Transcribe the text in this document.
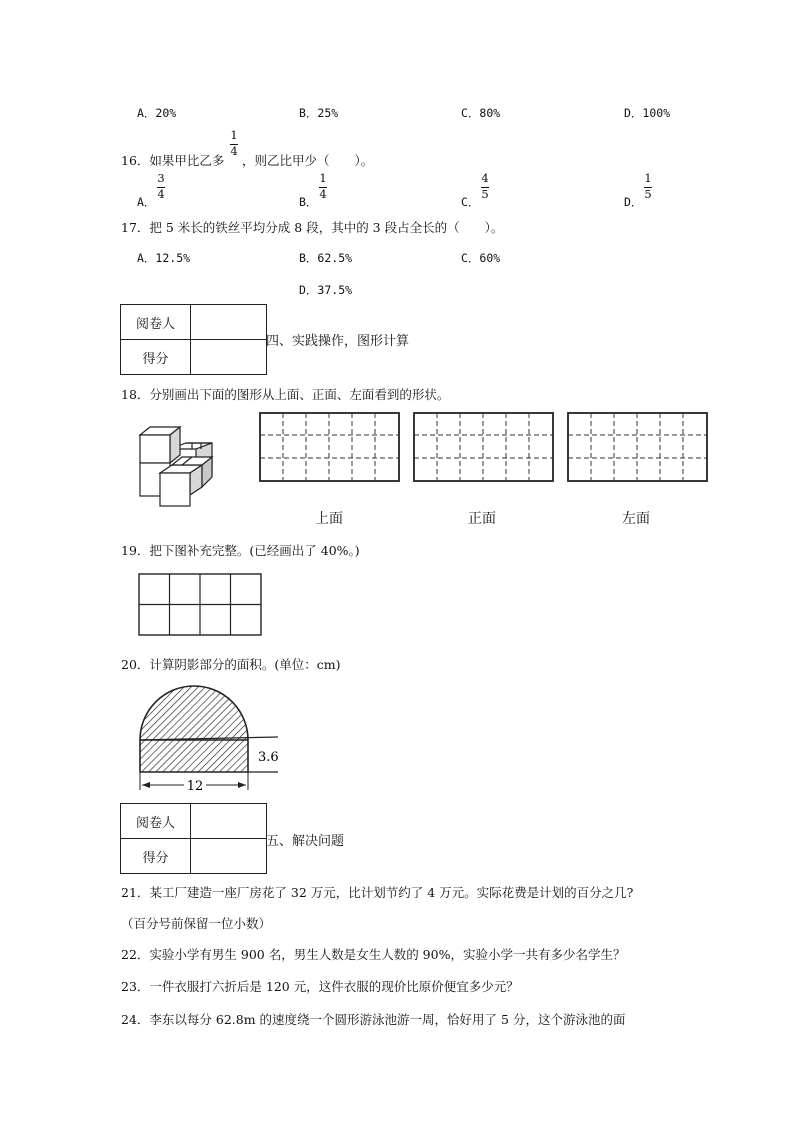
A．20%	B．25%	C．80%	D．100%
16．如果甲比乙多
1
4
，则乙比甲少（　　）。
A．
3
4
B．
1
4
C．
4
5
D．
1
5
17．把 5 米长的铁丝平均分成 8 段，其中的 3 段占全长的（　　）。
A．12.5%	B．62.5%	C．60%
D．37.5%
阅卷人	
得分	
四、实践操作，图形计算
18．分别画出下面的图形从上面、正面、左面看到的形状。
上面	正面	左面
19．把下图补充完整。(已经画出了 40%。)
20．计算阴影部分的面积。(单位：cm)
12
3.6
阅卷人	
得分	
五、解决问题
21．某工厂建造一座厂房花了 32 万元，比计划节约了 4 万元。实际花费是计划的百分之几?
（百分号前保留一位小数）
22．实验小学有男生 900 名，男生人数是女生人数的 90%，实验小学一共有多少名学生？
23．一件衣服打六折后是 120 元，这件衣服的现价比原价便宜多少元？
24．李东以每分 62.8m 的速度绕一个圆形游泳池游一周，恰好用了 5 分，这个游泳池的面
